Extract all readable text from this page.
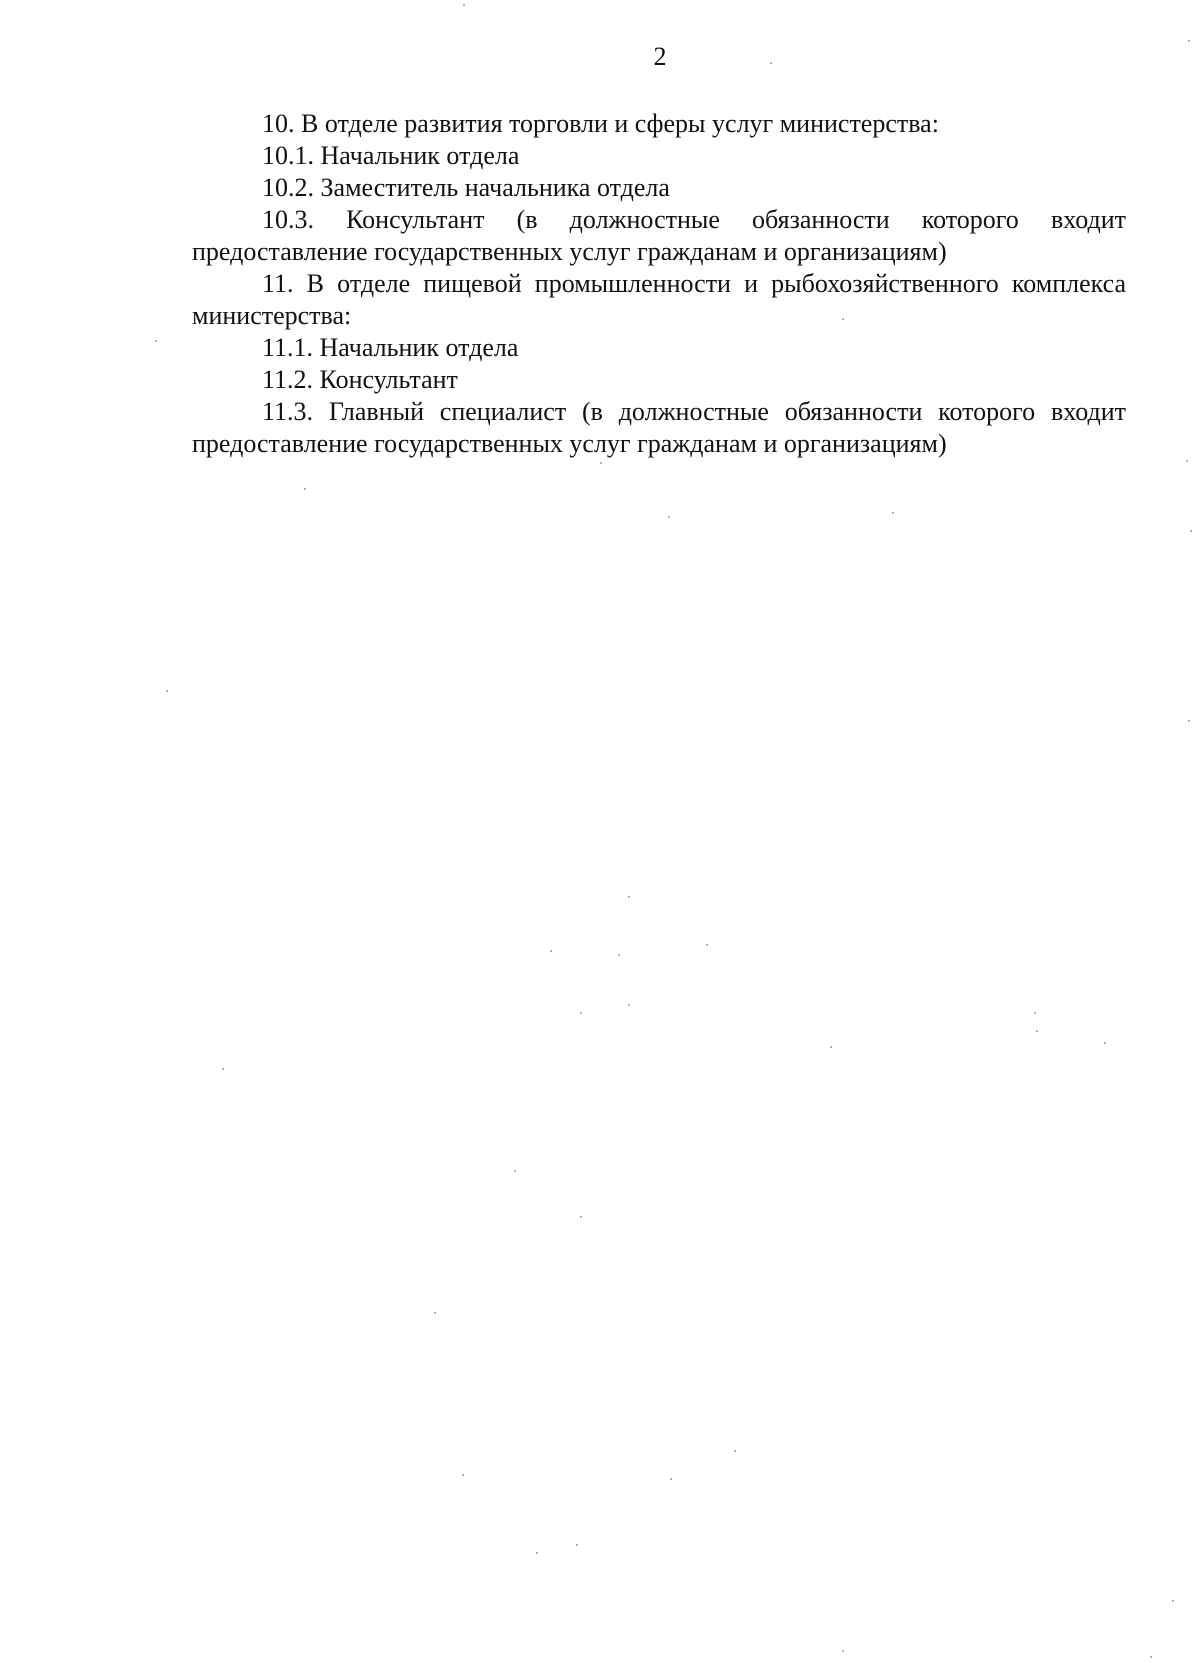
2

10. В отделе развития торговли и сферы услуг министерства:

10.1. Начальник отдела

10.2. Заместитель начальника отдела

10.3. Консультант (в должностные обязанности которого входит предоставление государственных услуг гражданам и организациям)

11. В отделе пищевой промышленности и рыбохозяйственного комплекса министерства:

11.1. Начальник отдела

11.2. Консультант

11.3. Главный специалист (в должностные обязанности которого входит предоставление государственных услуг гражданам и организациям)
